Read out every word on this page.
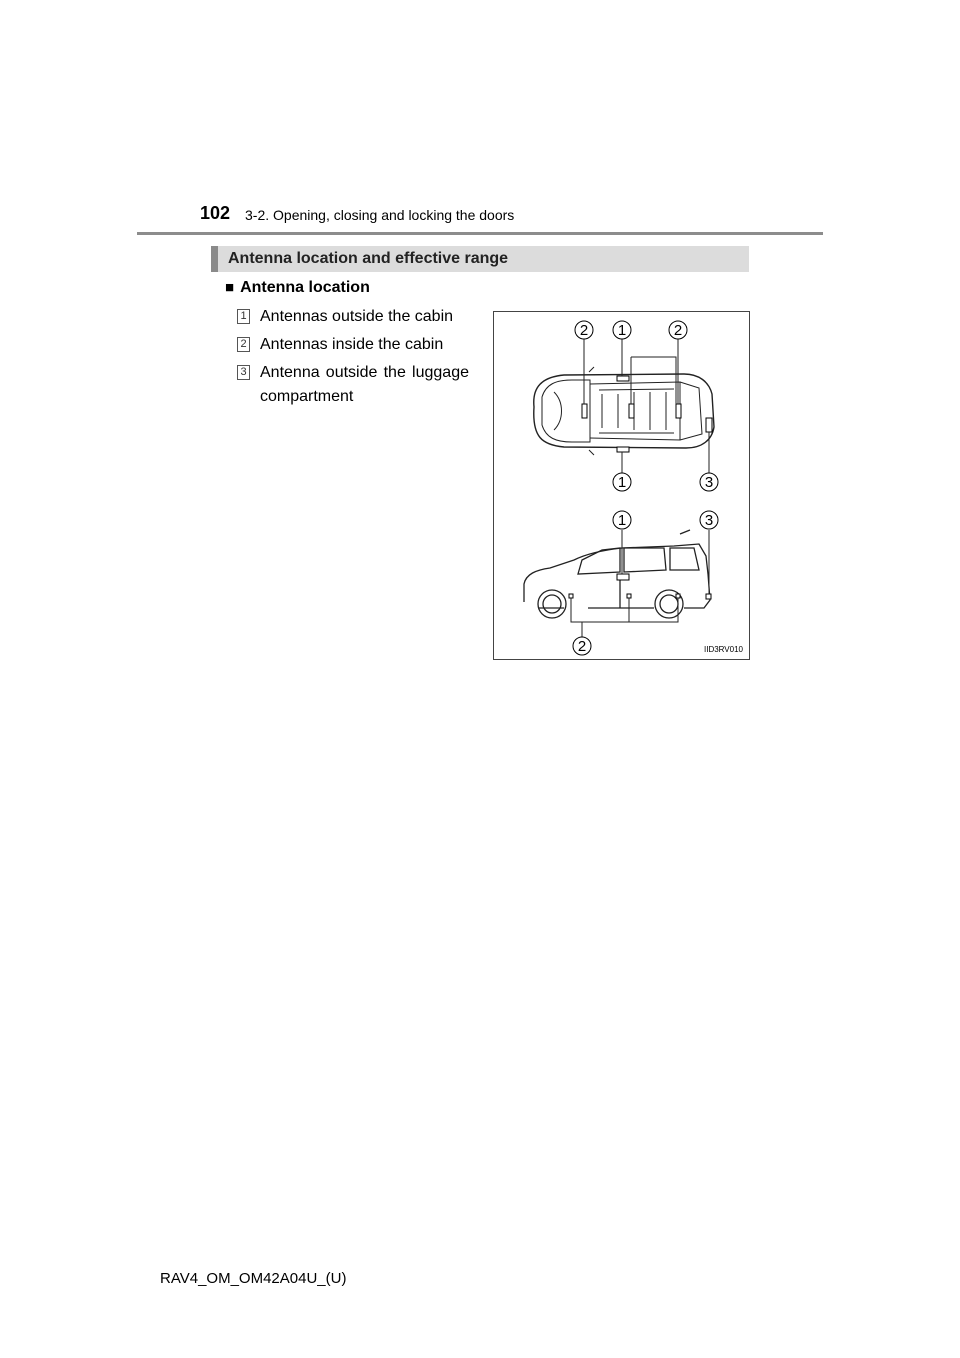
102 3-2. Opening, closing and locking the doors
Antenna location and effective range
■ Antenna location
1 Antennas outside the cabin
2 Antennas inside the cabin
3 Antenna outside the luggage compartment
2 1	2
1	3
1	3
2	IID3RV010
RAV4_OM_OM42A04U_(U)
